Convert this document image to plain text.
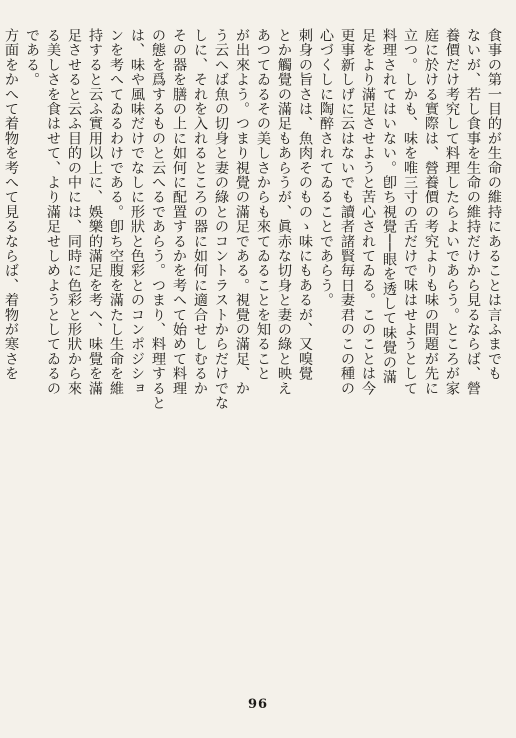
食事の第一目的が生命の維持にあることは言ふまでも
ないが、若し食事を生命の維持だけから見るならば、營
養價だけ考究して料理したらよいであらう。ところが家
庭に於ける實際は、營養價の考究よりも味の問題が先に
立つ。しかも、味を唯三寸の舌だけで味はせようとして
料理されてはいない。卽ち視覺──眼を透して味覺の滿
足をより滿足させようと苦心されてゐる。このことは今
更事新しげに云はないでも讀者諸賢毎日妻君のこの種の
心づくしに陶醉されてゐることであらう。
刺身の旨さは、魚肉そのものゝ味にもあるが、又嗅覺
とか觸覺の滿足もあらうが、眞赤な切身と妻の綠と映え
あつてゐるその美しさからも來てゐることを知ること
が出來よう。つまり視覺の滿足である。視覺の滿足、か
う云へば魚の切身と妻の綠とのコントラストからだけでな
しに、それを入れるところの器に如何に適合せしむるか
その器を膳の上に如何に配置するかを考へて始めて料理
の態を爲するものと云へるであらう。つまり、料理すると
は、味や風味だけでなしに形狀と色彩とのコンポジショ
ンを考へてゐるわけである。卽ち空腹を滿たし生命を維
持すると云ふ實用以上に、娛樂的滿足を考へ、味覺を滿
足させると云ふ目的の中には、同時に色彩と形狀から來
る美しさを食はせて、より滿足せしめようとしてゐるの
である。
方面をかへて着物を考へて見るならば、着物が寒さを
96
